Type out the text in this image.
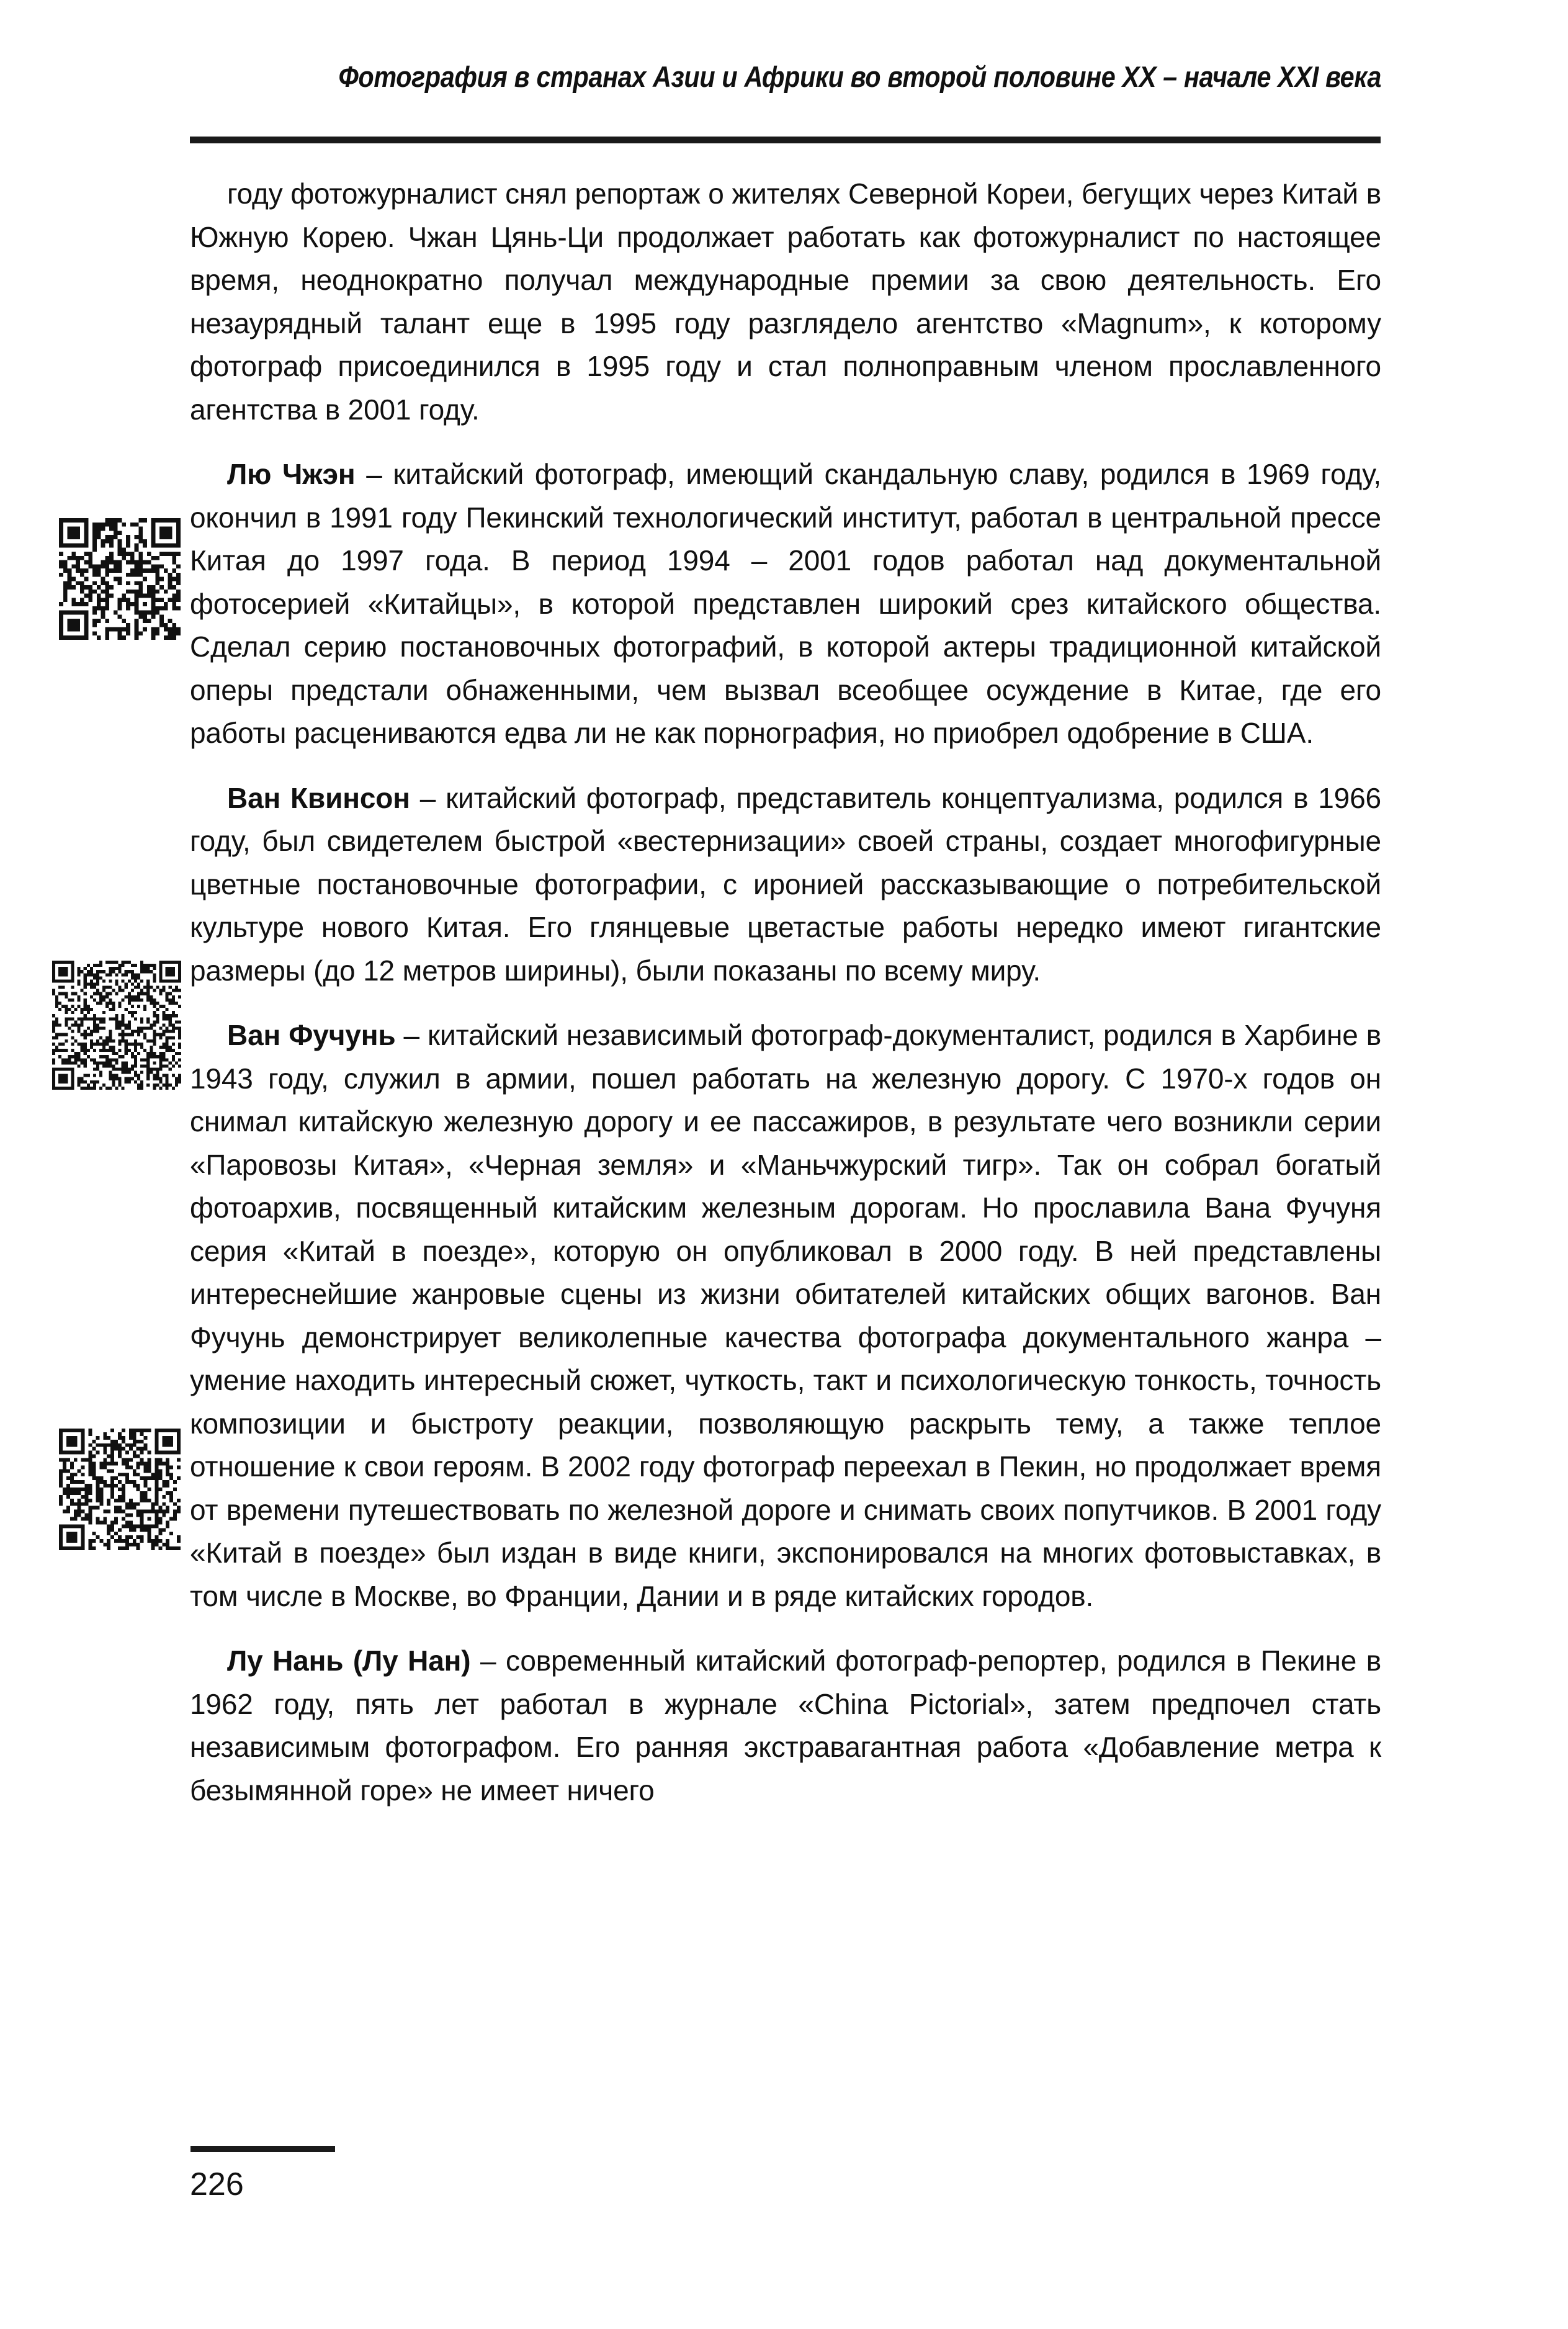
Фотография в странах Азии и Африки во второй половине XX – начале XXI века

году фотожурналист снял репортаж о жителях Северной Кореи, бегущих через Китай в Южную Корею. Чжан Цянь-Ци продолжает работать как фотожурналист по настоящее время, неоднократно получал международные премии за свою деятельность. Его незаурядный талант еще в 1995 году разглядело агентство «Magnum», к которому фотограф присоединился в 1995 году и стал полноправным членом прославленного агентства в 2001 году.

Лю Чжэн – китайский фотограф, имеющий скандальную славу, родился в 1969 году, окончил в 1991 году Пекинский технологический институт, работал в центральной прессе Китая до 1997 года. В период 1994 – 2001 годов работал над документальной фотосерией «Китайцы», в которой представлен широкий срез китайского общества. Сделал серию постановочных фотографий, в которой актеры традиционной китайской оперы предстали обнаженными, чем вызвал всеобщее осуждение в Китае, где его работы расцениваются едва ли не как порнография, но приобрел одобрение в США.

Ван Квинсон – китайский фотограф, представитель концептуализма, родился в 1966 году, был свидетелем быстрой «вестернизации» своей страны, создает многофигурные цветные постановочные фотографии, с иронией рассказывающие о потребительской культуре нового Китая. Его глянцевые цветастые работы нередко имеют гигантские размеры (до 12 метров ширины), были показаны по всему миру.

Ван Фучунь – китайский независимый фотограф-документалист, родился в Харбине в 1943 году, служил в армии, пошел работать на железную дорогу. С 1970-х годов он снимал китайскую железную дорогу и ее пассажиров, в результате чего возникли серии «Паровозы Китая», «Черная земля» и «Маньчжурский тигр». Так он собрал богатый фотоархив, посвященный китайским железным дорогам. Но прославила Вана Фучуня серия «Китай в поезде», которую он опубликовал в 2000 году. В ней представлены интереснейшие жанровые сцены из жизни обитателей китайских общих вагонов. Ван Фучунь демонстрирует великолепные качества фотографа документального жанра – умение находить интересный сюжет, чуткость, такт и психологическую тонкость, точность композиции и быстроту реакции, позволяющую раскрыть тему, а также теплое отношение к свои героям. В 2002 году фотограф переехал в Пекин, но продолжает время от времени путешествовать по железной дороге и снимать своих попутчиков. В 2001 году «Китай в поезде» был издан в виде книги, экспонировался на многих фотовыставках, в том числе в Москве, во Франции, Дании и в ряде китайских городов.

Лу Нань (Лу Нан) – современный китайский фотограф-репортер, родился в Пекине в 1962 году, пять лет работал в журнале «China Pictorial», затем предпочел стать независимым фотографом. Его ранняя экстравагантная работа «Добавление метра к безымянной горе» не имеет ничего

226
